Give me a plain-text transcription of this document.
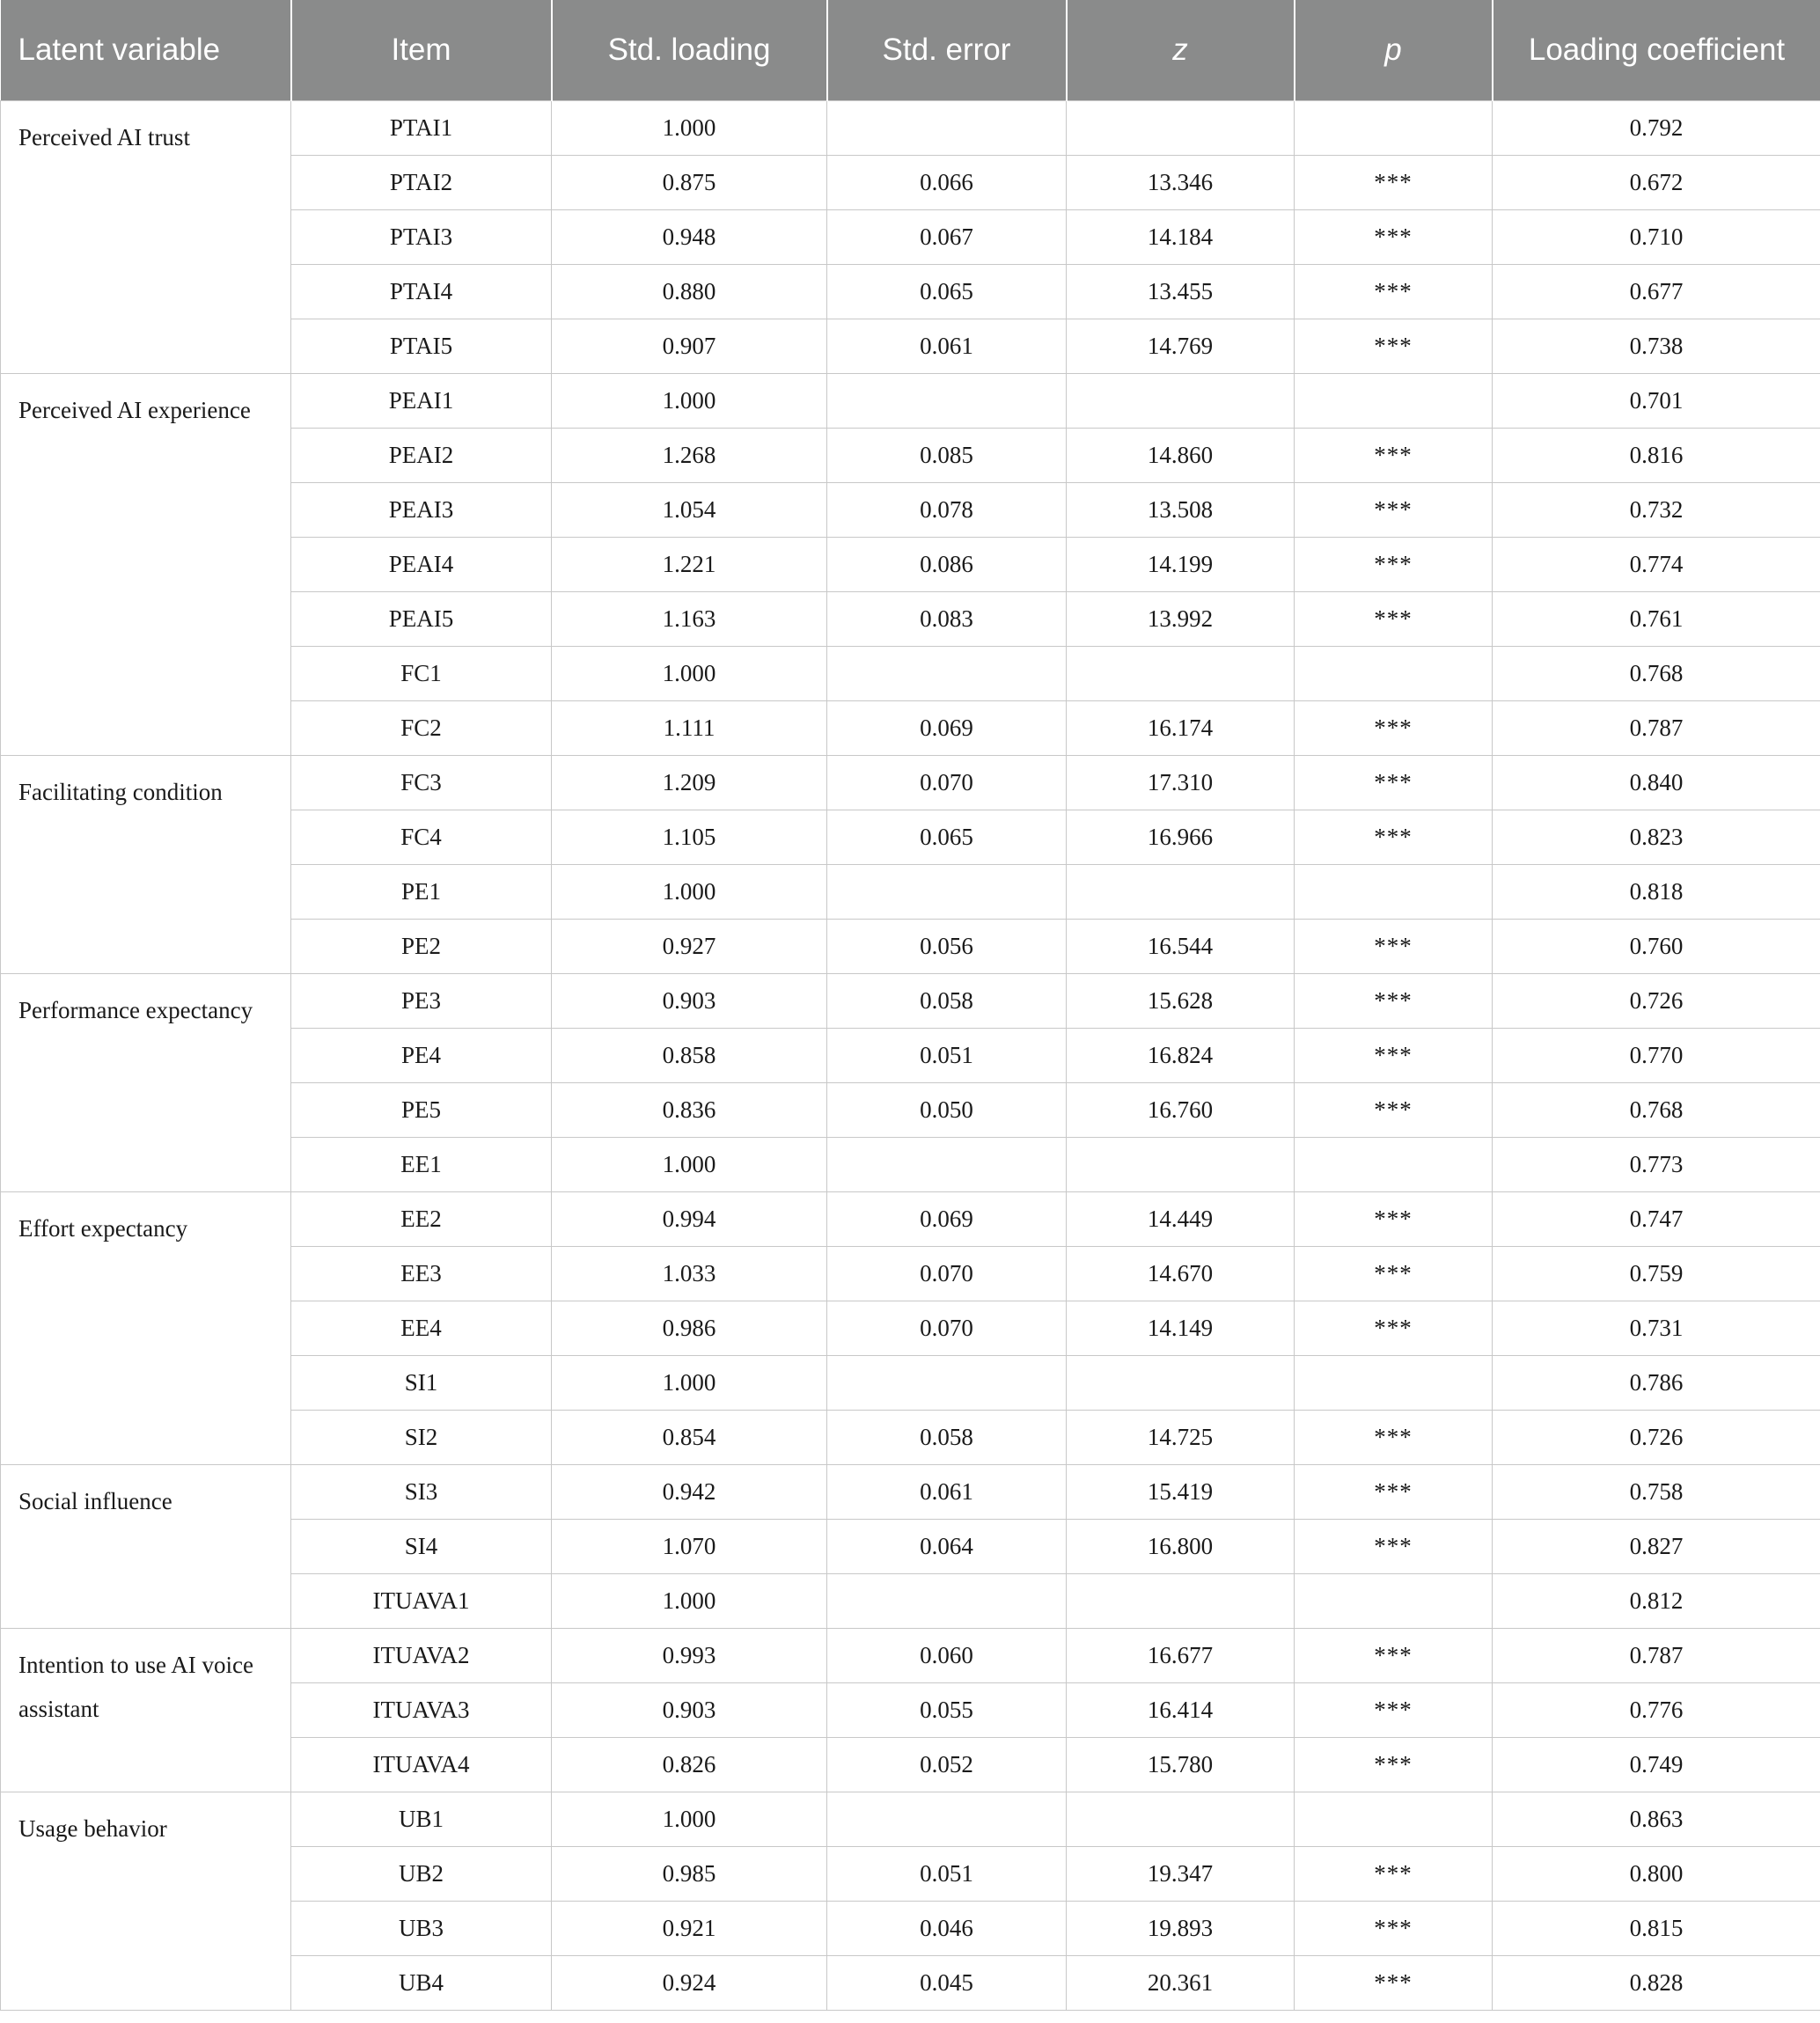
Latent variable	Item	Std. loading	Std. error	z	p	Loading coefficient
Perceived AI trust	PTAI1	1.000				0.792
	PTAI2	0.875	0.066	13.346	***	0.672
	PTAI3	0.948	0.067	14.184	***	0.710
	PTAI4	0.880	0.065	13.455	***	0.677
	PTAI5	0.907	0.061	14.769	***	0.738
Perceived AI experience	PEAI1	1.000				0.701
	PEAI2	1.268	0.085	14.860	***	0.816
	PEAI3	1.054	0.078	13.508	***	0.732
	PEAI4	1.221	0.086	14.199	***	0.774
	PEAI5	1.163	0.083	13.992	***	0.761
	FC1	1.000				0.768
	FC2	1.111	0.069	16.174	***	0.787
Facilitating condition	FC3	1.209	0.070	17.310	***	0.840
	FC4	1.105	0.065	16.966	***	0.823
	PE1	1.000				0.818
	PE2	0.927	0.056	16.544	***	0.760
Performance expectancy	PE3	0.903	0.058	15.628	***	0.726
	PE4	0.858	0.051	16.824	***	0.770
	PE5	0.836	0.050	16.760	***	0.768
	EE1	1.000				0.773
Effort expectancy	EE2	0.994	0.069	14.449	***	0.747
	EE3	1.033	0.070	14.670	***	0.759
	EE4	0.986	0.070	14.149	***	0.731
	SI1	1.000				0.786
	SI2	0.854	0.058	14.725	***	0.726
Social influence	SI3	0.942	0.061	15.419	***	0.758
	SI4	1.070	0.064	16.800	***	0.827
	ITUAVA1	1.000				0.812
Intention to use AI voice assistant	ITUAVA2	0.993	0.060	16.677	***	0.787
	ITUAVA3	0.903	0.055	16.414	***	0.776
	ITUAVA4	0.826	0.052	15.780	***	0.749
Usage behavior	UB1	1.000				0.863
	UB2	0.985	0.051	19.347	***	0.800
	UB3	0.921	0.046	19.893	***	0.815
	UB4	0.924	0.045	20.361	***	0.828
